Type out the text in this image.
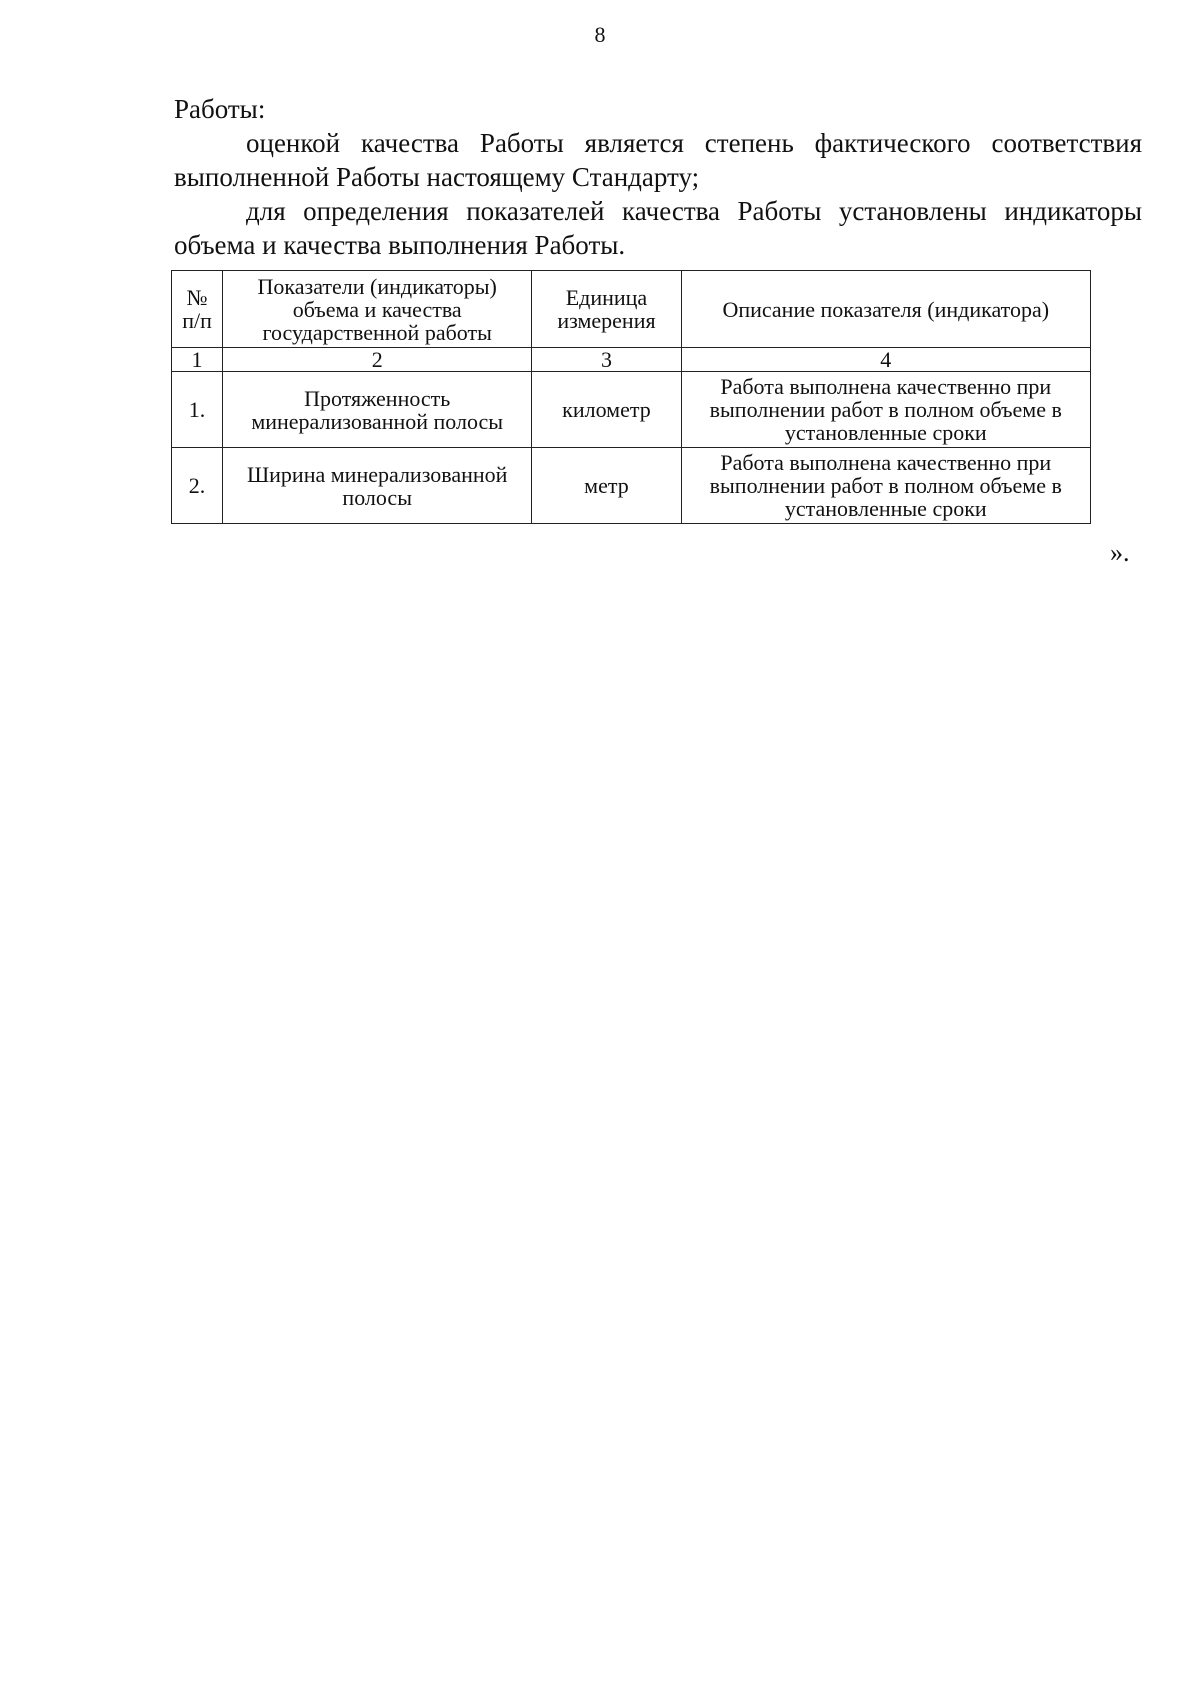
8

Работы:

оценкой качества Работы является степень фактического соответствия выполненной Работы настоящему Стандарту;

для определения показателей качества Работы установлены индикаторы объема и качества выполнения Работы.

№ п/п	Показатели (индикаторы) объема и качества государственной работы	Единица измерения	Описание показателя (индикатора)
1	2	3	4
1.	Протяженность минерализованной полосы	километр	Работа выполнена качественно при выполнении работ в полном объеме в установленные сроки
2.	Ширина минерализованной полосы	метр	Работа выполнена качественно при выполнении работ в полном объеме в установленные сроки
».
